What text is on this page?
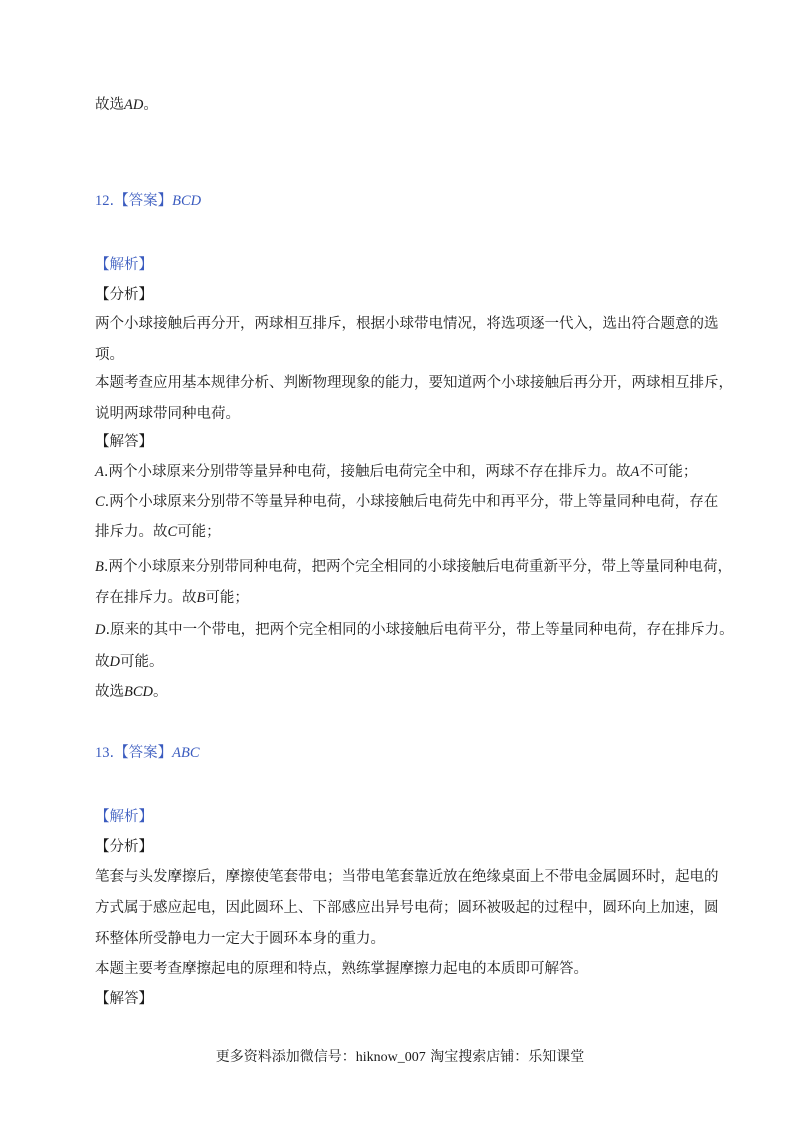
故选AD。
12.【答案】BCD
【解析】
【分析】
两个小球接触后再分开，两球相互排斥，根据小球带电情况，将选项逐一代入，选出符合题意的选
项。
本题考查应用基本规律分析、判断物理现象的能力，要知道两个小球接触后再分开，两球相互排斥，
说明两球带同种电荷。
【解答】
A.两个小球原来分别带等量异种电荷，接触后电荷完全中和，两球不存在排斥力。故A不可能；
C.两个小球原来分别带不等量异种电荷，小球接触后电荷先中和再平分，带上等量同种电荷，存在
排斥力。故C可能；
B.两个小球原来分别带同种电荷，把两个完全相同的小球接触后电荷重新平分，带上等量同种电荷，
存在排斥力。故B可能；
D.原来的其中一个带电，把两个完全相同的小球接触后电荷平分，带上等量同种电荷，存在排斥力。
故D可能。
故选BCD。
13.【答案】ABC
【解析】
【分析】
笔套与头发摩擦后，摩擦使笔套带电；当带电笔套靠近放在绝缘桌面上不带电金属圆环时，起电的
方式属于感应起电，因此圆环上、下部感应出异号电荷；圆环被吸起的过程中，圆环向上加速，圆
环整体所受静电力一定大于圆环本身的重力。
本题主要考查摩擦起电的原理和特点，熟练掌握摩擦力起电的本质即可解答。
【解答】
更多资料添加微信号：hiknow_007 淘宝搜索店铺：乐知课堂
